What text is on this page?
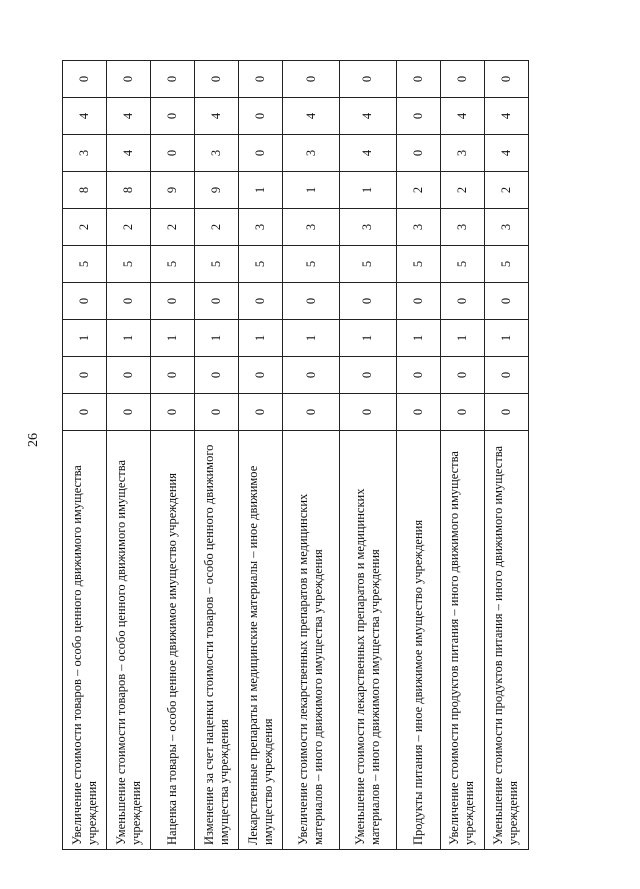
26
Увеличение стоимости товаров – особо ценного движимого имущества учреждения	0	0	1	0	5	2	8	3	4	0
Уменьшение стоимости товаров – особо ценного движимого имущества учреждения	0	0	1	0	5	2	8	4	4	0
Наценка на товары – особо ценное движимое имущество учреждения	0	0	1	0	5	2	9	0	0	0
Изменение за счет наценки стоимости товаров – особо ценного движимого имущества учреждения	0	0	1	0	5	2	9	3	4	0
Лекарственные препараты и медицинские материалы – иное движимое имущество учреждения	0	0	1	0	5	3	1	0	0	0
Увеличение стоимости лекарственных препаратов и медицинских материалов – иного движимого имущества учреждения	0	0	1	0	5	3	1	3	4	0
Уменьшение стоимости лекарственных препаратов и медицинских материалов – иного движимого имущества учреждения	0	0	1	0	5	3	1	4	4	0
Продукты питания – иное движимое имущество учреждения	0	0	1	0	5	3	2	0	0	0
Увеличение стоимости продуктов питания – иного движимого имущества учреждения	0	0	1	0	5	3	2	3	4	0
Уменьшение стоимости продуктов питания – иного движимого имущества учреждения	0	0	1	0	5	3	2	4	4	0
